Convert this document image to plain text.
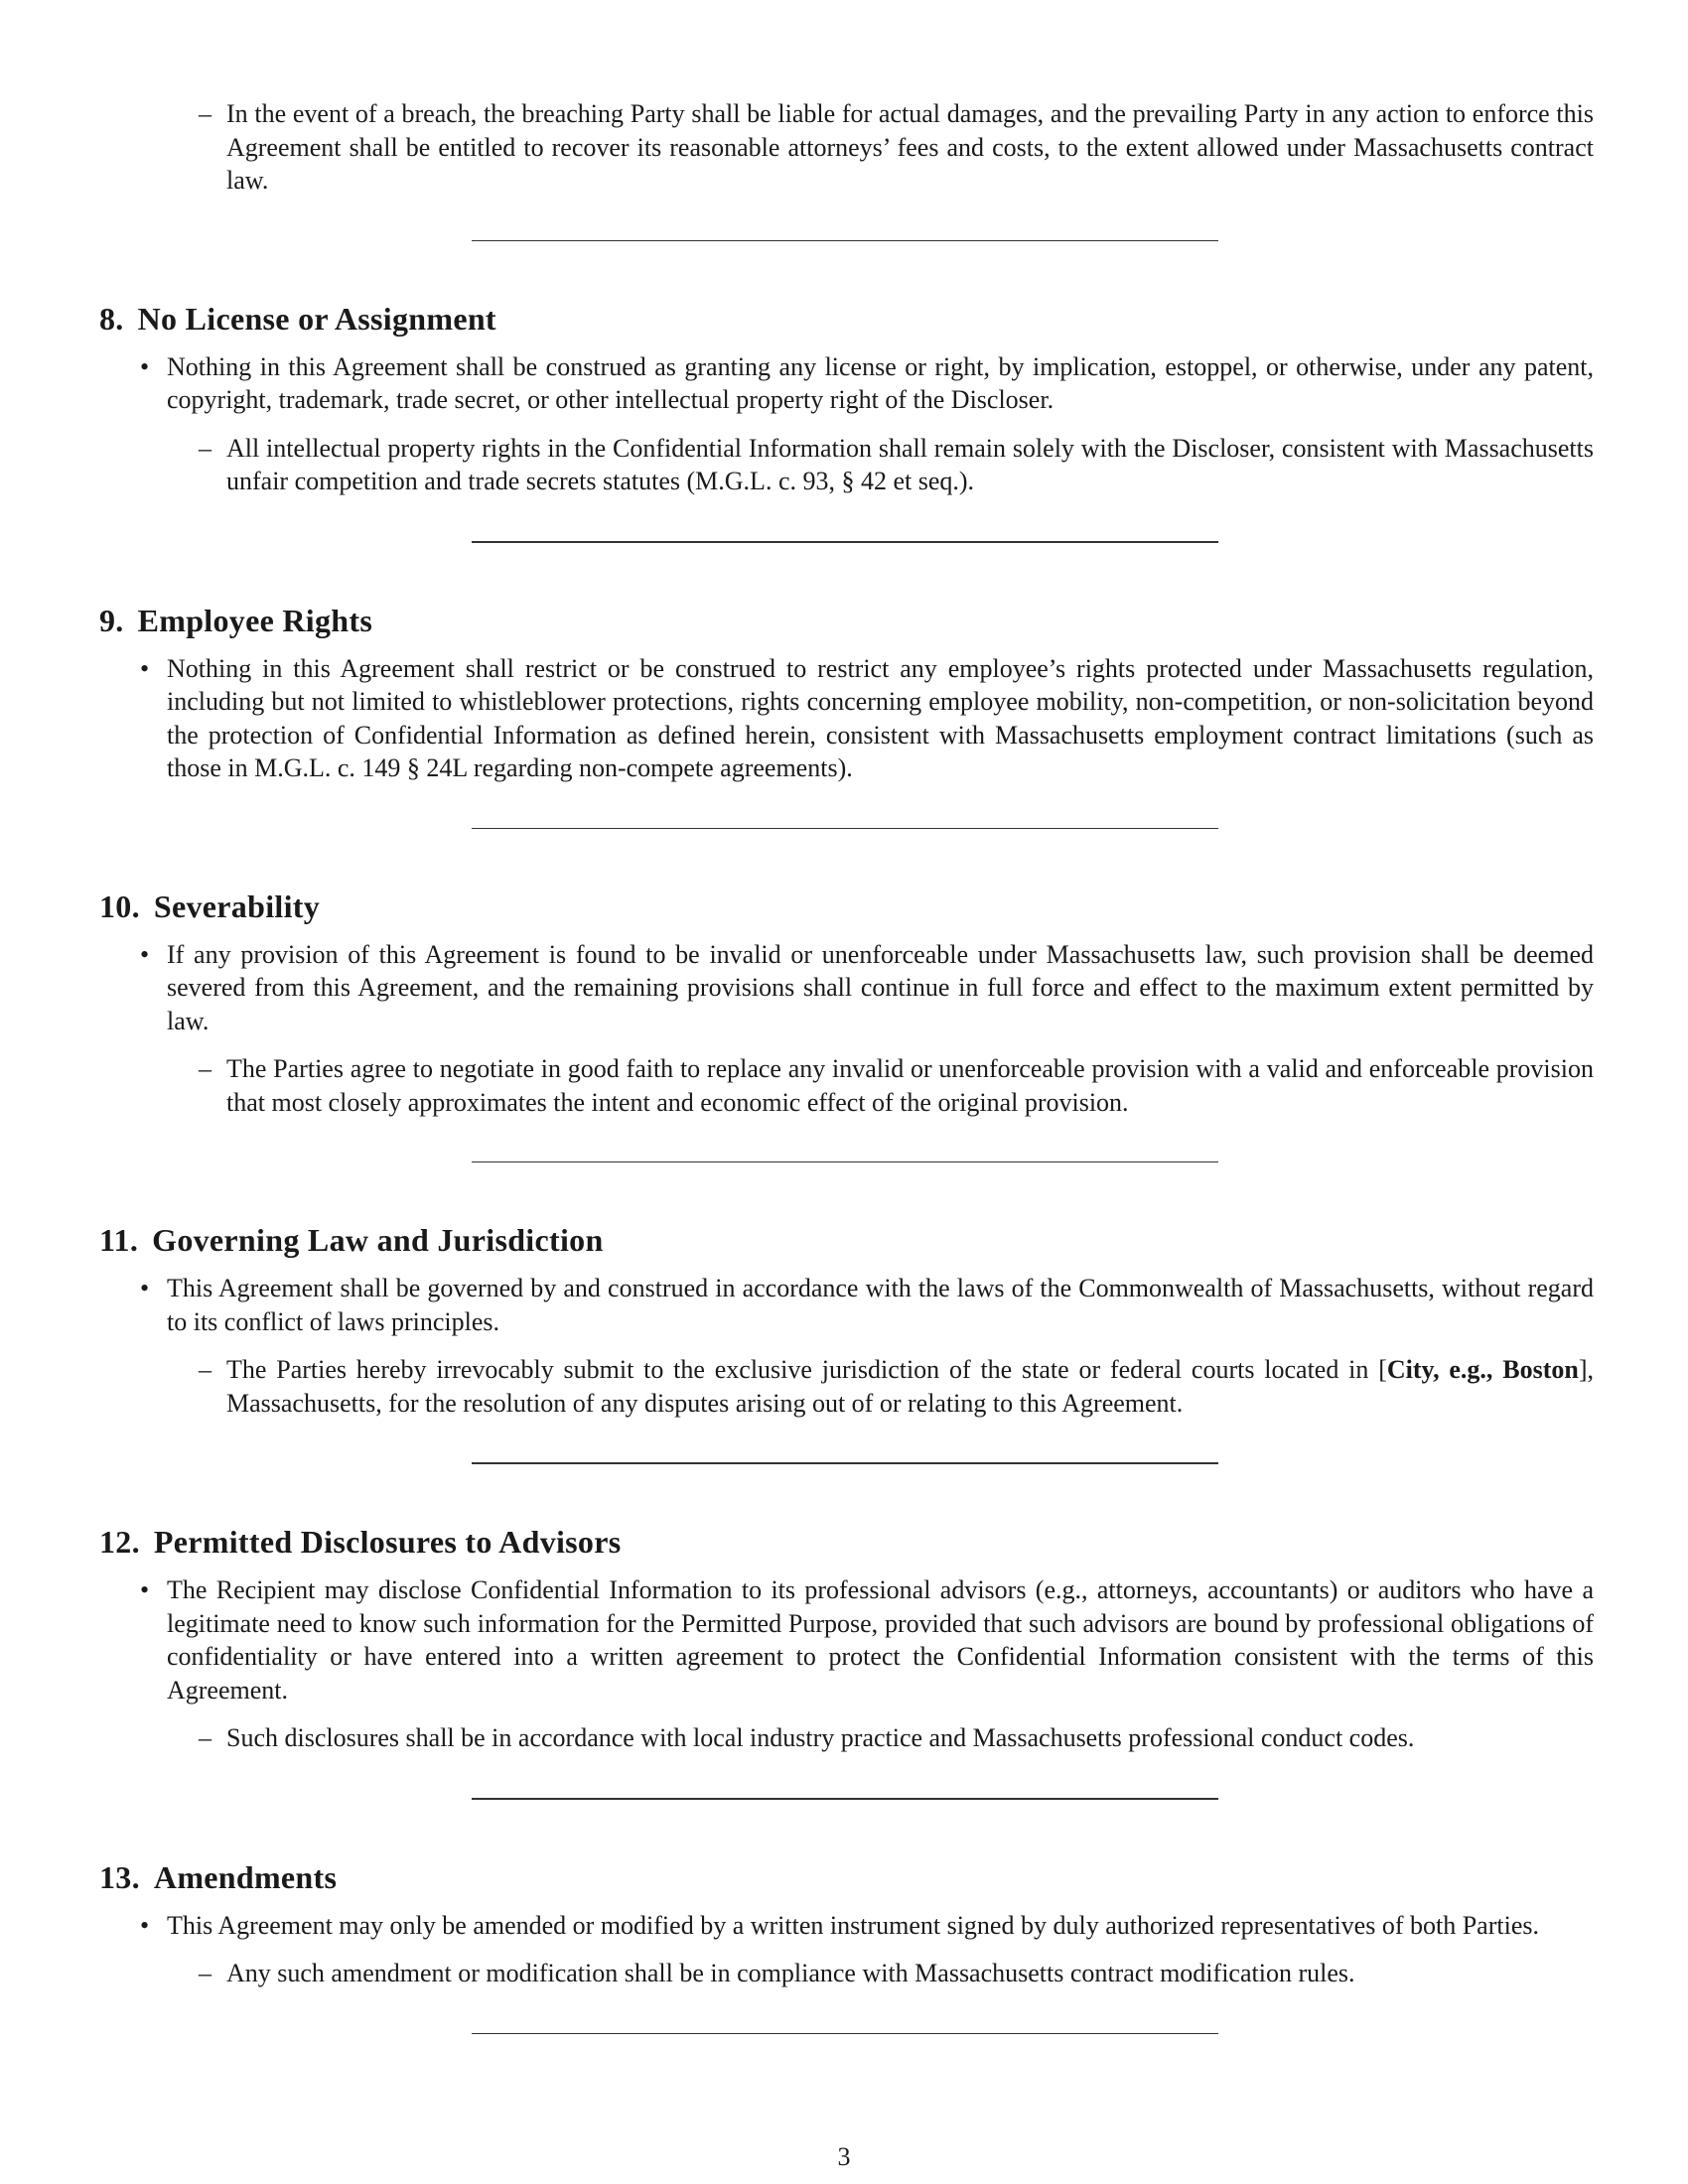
– In the event of a breach, the breaching Party shall be liable for actual damages, and the prevailing Party in any action to enforce this Agreement shall be entitled to recover its reasonable attorneys’ fees and costs, to the extent allowed under Massachusetts contract law.
8. No License or Assignment
• Nothing in this Agreement shall be construed as granting any license or right, by implication, estoppel, or otherwise, under any patent, copyright, trademark, trade secret, or other intellectual property right of the Discloser.
– All intellectual property rights in the Confidential Information shall remain solely with the Discloser, consistent with Massachusetts unfair competition and trade secrets statutes (M.G.L. c. 93, § 42 et seq.).
9. Employee Rights
• Nothing in this Agreement shall restrict or be construed to restrict any employee’s rights protected under Massachusetts regulation, including but not limited to whistleblower protections, rights concerning employee mobility, non-competition, or non-solicitation beyond the protection of Confidential Information as defined herein, consistent with Massachusetts employment contract limitations (such as those in M.G.L. c. 149 § 24L regarding non-compete agreements).
10. Severability
• If any provision of this Agreement is found to be invalid or unenforceable under Massachusetts law, such provision shall be deemed severed from this Agreement, and the remaining provisions shall continue in full force and effect to the maximum extent permitted by law.
– The Parties agree to negotiate in good faith to replace any invalid or unenforceable provision with a valid and enforceable provision that most closely approximates the intent and economic effect of the original provision.
11. Governing Law and Jurisdiction
• This Agreement shall be governed by and construed in accordance with the laws of the Commonwealth of Massachusetts, without regard to its conflict of laws principles.
– The Parties hereby irrevocably submit to the exclusive jurisdiction of the state or federal courts located in [City, e.g., Boston], Massachusetts, for the resolution of any disputes arising out of or relating to this Agreement.
12. Permitted Disclosures to Advisors
• The Recipient may disclose Confidential Information to its professional advisors (e.g., attorneys, accountants) or auditors who have a legitimate need to know such information for the Permitted Purpose, provided that such advisors are bound by professional obligations of confidentiality or have entered into a written agreement to protect the Confidential Information consistent with the terms of this Agreement.
– Such disclosures shall be in accordance with local industry practice and Massachusetts professional conduct codes.
13. Amendments
• This Agreement may only be amended or modified by a written instrument signed by duly authorized representatives of both Parties.
– Any such amendment or modification shall be in compliance with Massachusetts contract modification rules.
3
